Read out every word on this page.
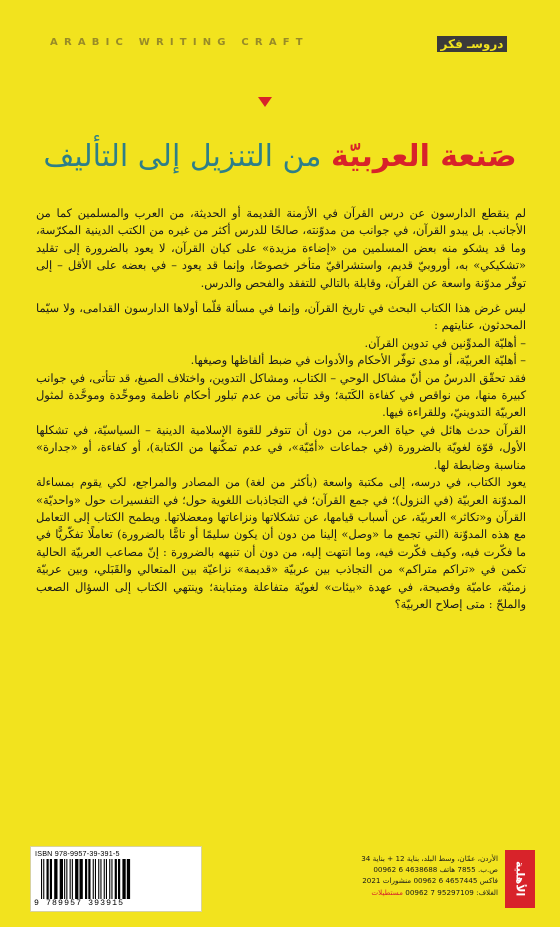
ARABIC WRITING CRAFT	دروسـ فكر
صَنعة العربيّة من التنزيل إلى التأليف

لم ينقطع الدارسون عن درس القرآن في الأزمنة القديمة أو الحديثة، من العرب والمسلمين كما من الأجانب. بل يبدو القرآن، في جوانب من مدوّنته، صالحًا للدرس أكثر من غيره من الكتب الدينية المكرّسة، وما قد يشكو منه بعض المسلمين من «إضاءة مزيدة» على كيان القرآن، لا يعود بالضرورة إلى تقليد «تشكيكي» به، أوروبيّ قديم، واستشراقيّ متأخر خصوصًا، وإنما قد يعود – في بعضه على الأقل – إلى توفّر مدوّنة واسعة عن القرآن، وقابلة بالتالي للتفقد والفحص والدرس.

ليس غرض هذا الكتاب البحث في تاريخ القرآن، وإنما في مسألة قلّما أولاها الدارسون القدامى، ولا سيّما المحدثون، عنايتهم :

– أهليّة المدوِّنين في تدوين القرآن.

– أهليّة العربيّة، أو مدى توفّر الأحكام والأدوات في ضبط ألفاظها وصيغها.

فقد تحقّق الدرسُ من أنّ مشاكل الوحي – الكتاب، ومشاكل التدوين، واختلاف الصيغ، قد تتأتى، في جوانب كبيرة منها، من نواقص في كفاءة الكَتَبة؛ وقد تتأتى من عدم تبلور أحكام ناظمة وموحِّدة وموحَّدة لمثول العربيّة التدوينيّ، وللقراءة فيها.

القرآن حدث هائل في حياة العرب، من دون أن تتوفر للقوة الإسلامية الدينية – السياسيّة، في تشكلها الأول، قوّة لغويّة بالضرورة (في جماعات «أمّيّة»، في عدم تمكّنها من الكتابة)، أو كفاءة، أو «جدارة» مناسبة وضابطة لها.

يعود الكتاب، في درسه، إلى مكتبة واسعة (بأكثر من لغة) من المصادر والمراجع، لكي يقوم بمساءلة المدوّنة العربيّة (في النزول)؛ في جمع القرآن؛ في التجاذبات اللغوية حول؛ في التفسيرات حول «واحديّة» القرآن و«تكاثر» العربيّة، عن أسباب قيامها، عن تشكلاتها ونزاعاتها ومعضلاتها. ويطمح الكتاب إلى التعامل مع هذه المدوّنة (التي تجمع ما «وصل» إلينا من دون أن يكون سليمًا أو تامًّا بالضرورة) تعاملًا تفكّريًّا في ما فكّرت فيه، وكيف فكّرت فيه، وما انتهت إليه، من دون أن تنبهه بالضرورة : إنّ مصاعب العربيّة الحالية تكمن في «تراكم متراكم» من التجاذب بين عربيّة «قديمة» نزاعيّة بين المتعالي والقَبَلي، وبين عربيّة زمنيّة، عاميّة وفصيحة، في عهدة «بيئات» لغويّة متفاعلة ومتباينة؛ وينتهي الكتاب إلى السؤال الصعب والملحّ : متى إصلاح العربيّة؟

ISBN 978-9957-39-391-5
9 789957 393915
الأردن، عمّان، وسط البلد، بناية 12 + بناية 34
ص.ب. 7855 هاتف 4638688 6 00962
فاكس 4657445 6 00962 منشورات 2021
الغلاف: 95297109 7 00962 مستطيلات	الأهلية
